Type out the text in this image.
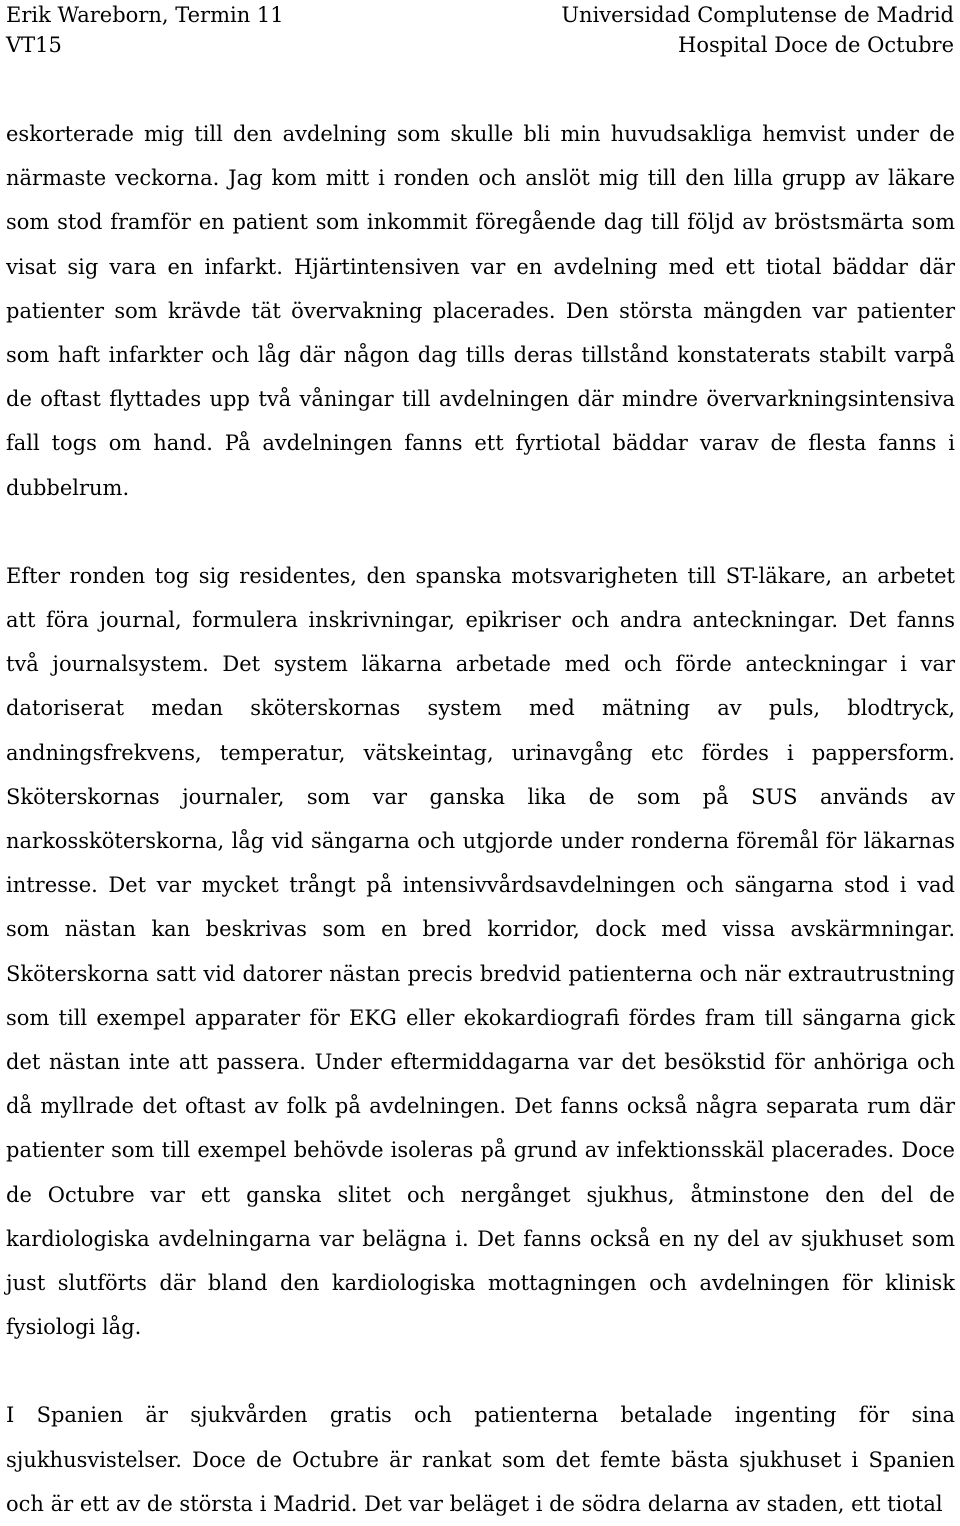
Erik Wareborn, Termin 11
VT15
Universidad Complutense de Madrid
Hospital Doce de Octubre

eskorterade mig till den avdelning som skulle bli min huvudsakliga hemvist under de närmaste veckorna. Jag kom mitt i ronden och anslöt mig till den lilla grupp av läkare som stod framför en patient som inkommit föregående dag till följd av bröstsmärta som visat sig vara en infarkt. Hjärtintensiven var en avdelning med ett tiotal bäddar där patienter som krävde tät övervakning placerades. Den största mängden var patienter som haft infarkter och låg där någon dag tills deras tillstånd konstaterats stabilt varpå de oftast flyttades upp två våningar till avdelningen där mindre övervarkningsintensiva fall togs om hand. På avdelningen fanns ett fyrtiotal bäddar varav de flesta fanns i dubbelrum.

Efter ronden tog sig residentes, den spanska motsvarigheten till ST-läkare, an arbetet att föra journal, formulera inskrivningar, epikriser och andra anteckningar. Det fanns två journalsystem. Det system läkarna arbetade med och förde anteckningar i var datoriserat medan sköterskornas system med mätning av puls, blodtryck, andningsfrekvens, temperatur, vätskeintag, urinavgång etc fördes i pappersform. Sköterskornas journaler, som var ganska lika de som på SUS används av narkossköterskorna, låg vid sängarna och utgjorde under ronderna föremål för läkarnas intresse. Det var mycket trångt på intensivvårdsavdelningen och sängarna stod i vad som nästan kan beskrivas som en bred korridor, dock med vissa avskärmningar. Sköterskorna satt vid datorer nästan precis bredvid patienterna och när extrautrustning som till exempel apparater för EKG eller ekokardiografi fördes fram till sängarna gick det nästan inte att passera. Under eftermiddagarna var det besökstid för anhöriga och då myllrade det oftast av folk på avdelningen. Det fanns också några separata rum där patienter som till exempel behövde isoleras på grund av infektionsskäl placerades. Doce de Octubre var ett ganska slitet och nergånget sjukhus, åtminstone den del de kardiologiska avdelningarna var belägna i. Det fanns också en ny del av sjukhuset som just slutförts där bland den kardiologiska mottagningen och avdelningen för klinisk fysiologi låg.

I Spanien är sjukvården gratis och patienterna betalade ingenting för sina sjukhusvistelser. Doce de Octubre är rankat som det femte bästa sjukhuset i Spanien och är ett av de största i Madrid. Det var beläget i de södra delarna av staden, ett tiotal
